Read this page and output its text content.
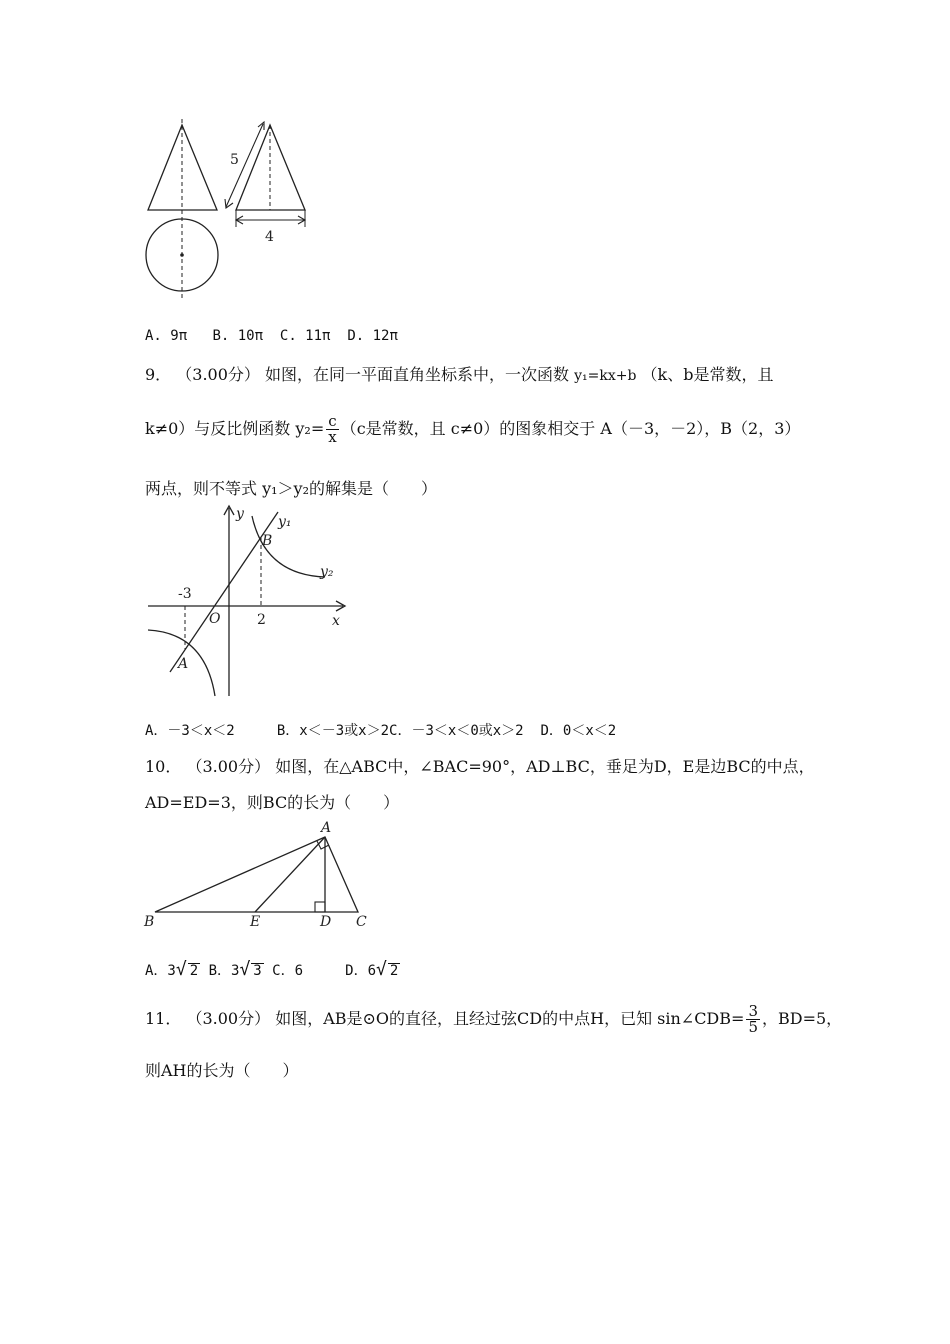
5
4
A. 9π B. 10π C. 11π D. 12π
9． （3.00分） 如图，在同一平面直角坐标系中，一次函数 y₁=kx+b （k、b是常数，且
k≠0）与反比例函数 $y_2= \frac{c}{x} (c$是常数，且 c≠0）的图象相交于 A（－3，－2），B（2，3）
两点，则不等式 y₁＞y₂的解集是（　　）
y
x
O
y₁
y₂
B
A
-3
2
A．－3＜x＜2	B．x＜－3或x＞2C．－3＜x＜0或x＞2 D．0＜x＜2
10． （3.00分） 如图，在△ABC中，∠BAC=90°，AD⊥BC，垂足为D，E是边BC的中点，
AD=ED=3，则BC的长为（　　）
A
B	C
D
E
A．3√ 2 B．3√ 3 C．6	D．6√ 2
11． （3.00分） 如图，AB是⊙O的直径，且经过弦CD的中点H，已知 sin∠CDB= $\frac{3}{5}$ ，BD=5，
则AH的长为（　　）
